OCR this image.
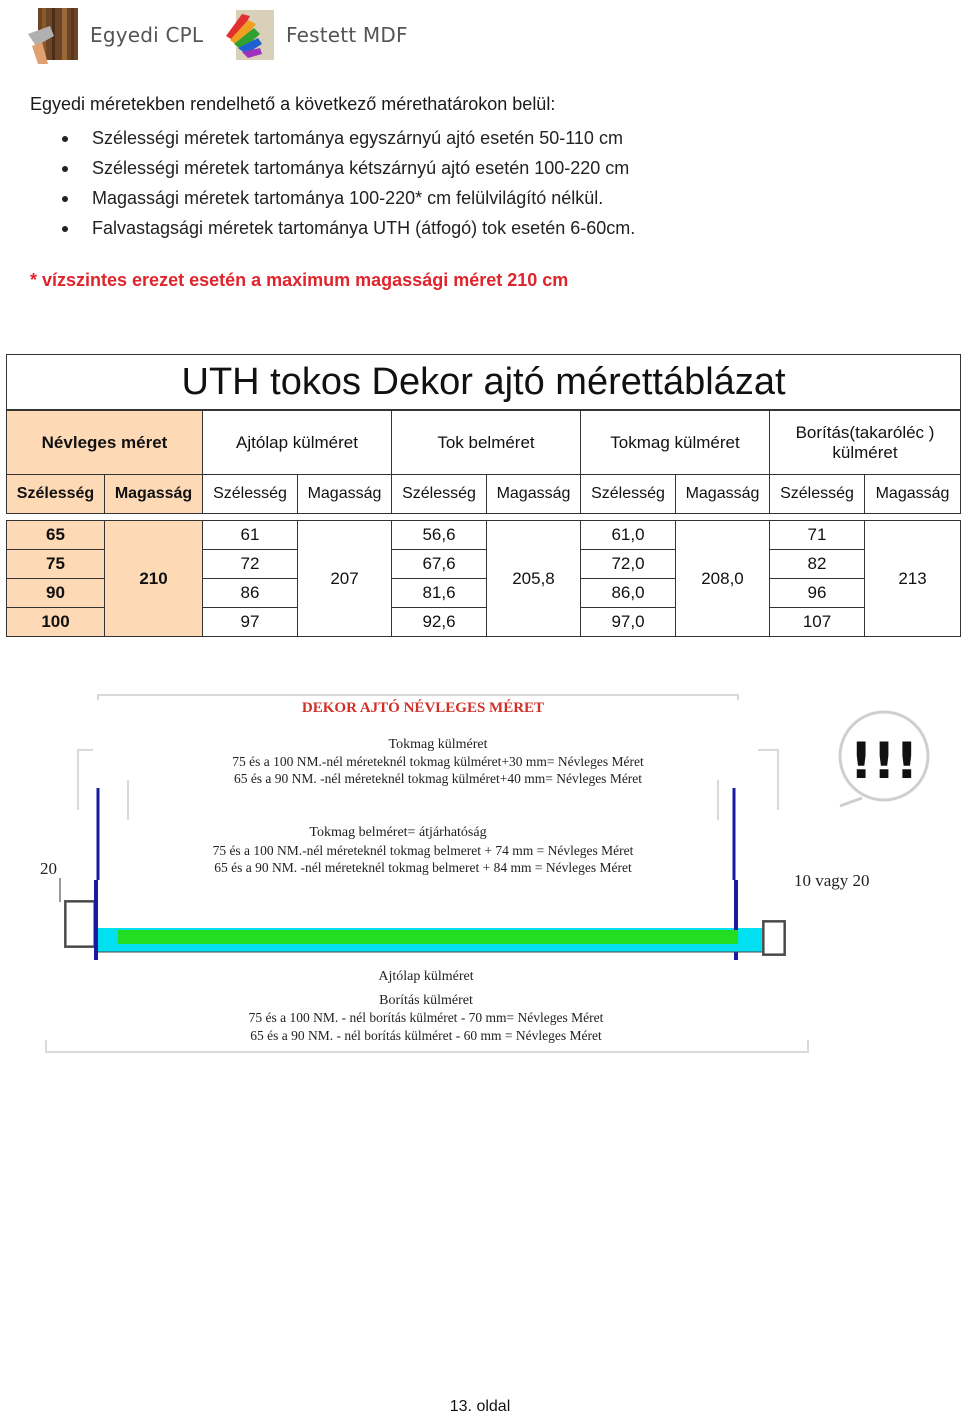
Egyedi CPL	Festett MDF
Egyedi méretekben rendelhető a következő mérethatárokon belül:
Szélességi méretek tartománya egyszárnyú ajtó esetén 50-110 cm
Szélességi méretek tartománya kétszárnyú ajtó esetén 100-220 cm
Magassági méretek tartománya 100-220* cm felülvilágító nélkül.
Falvastagsági méretek tartománya UTH (átfogó) tok esetén 6-60cm.
* vízszintes erezet esetén a maximum magassági méret 210 cm
UTH tokos Dekor ajtó mérettáblázat									
Névleges méret		Ajtólap külméret		Tok belméret		Tokmag külméret		Borítás(takaróléc ) külméret	
Szélesség	Magasság	Szélesség	Magasság	Szélesség	Magasság	Szélesség	Magasság	Szélesség	Magasság

65	210	61	207	56,6	205,8	61,0	208,0	71	213
75		72		67,6		72,0		82	
90		86		81,6		86,0		96	
100		97		92,6		97,0		107	
DEKOR AJTÓ NÉVLEGES MÉRET
Tokmag külméret
75 és a 100 NM.-nél méreteknél tokmag külméret+30 mm= Névleges Méret
65 és a 90 NM. -nél méreteknél tokmag külméret+40 mm= Névleges Méret
Tokmag belméret= átjárhatóság
75 és a 100 NM.-nél méreteknél tokmag belmeret + 74 mm = Névleges Méret
65 és a 90 NM. -nél méreteknél tokmag belmeret + 84 mm = Névleges Méret
20
10 vagy 20
Ajtólap külméret
Borítás külméret
75 és a 100 NM. - nél borítás külméret - 70 mm= Névleges Méret
65 és a 90 NM. - nél borítás külméret - 60 mm = Névleges Méret
!!!
13. oldal
